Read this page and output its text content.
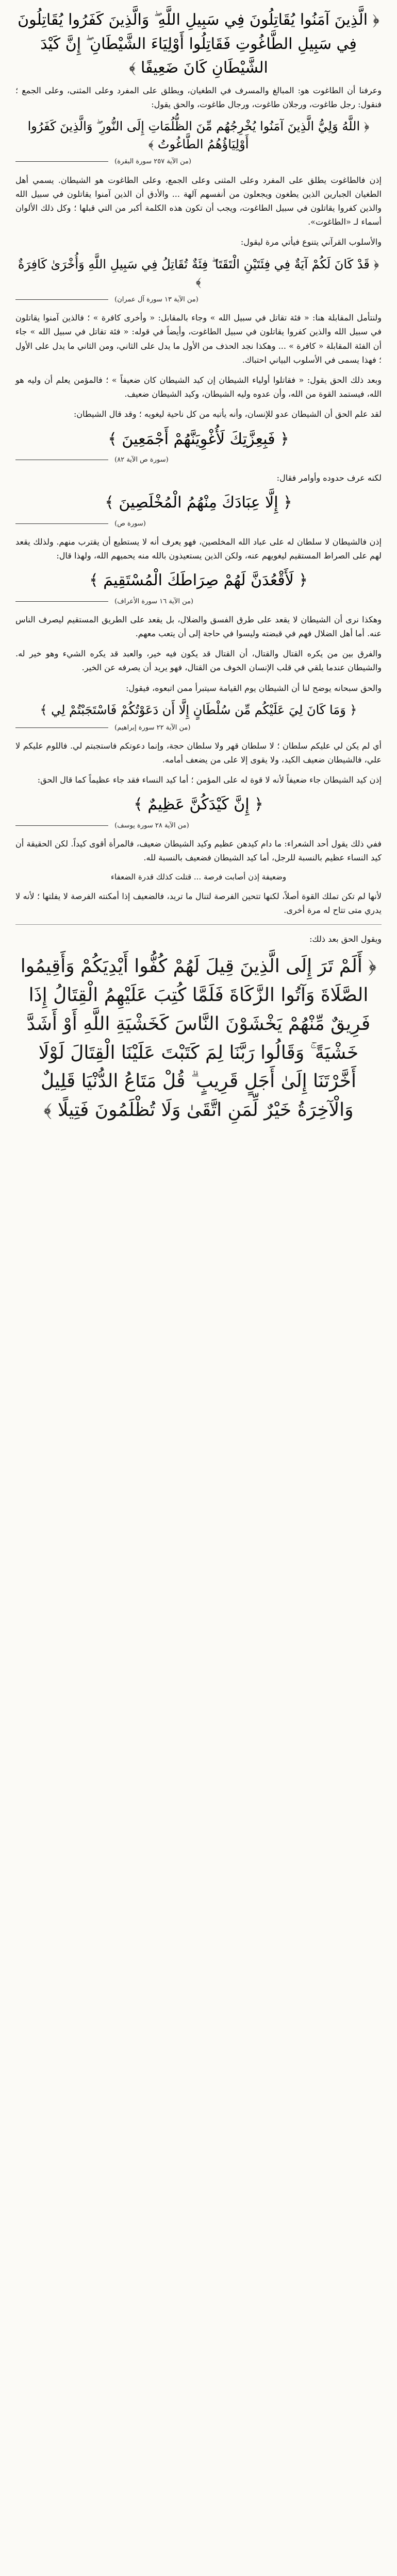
﴿ الَّذِينَ آمَنُوا يُقَاتِلُونَ فِي سَبِيلِ اللَّهِ ۖ وَالَّذِينَ كَفَرُوا يُقَاتِلُونَ فِي سَبِيلِ الطَّاغُوتِ فَقَاتِلُوا أَوْلِيَاءَ الشَّيْطَانِ ۖ إِنَّ كَيْدَ الشَّيْطَانِ كَانَ ضَعِيفًا ﴾

وعرفنا أن الطاغوت هو: المبالغ والمسرف في الطغيان، ويطلق على المفرد وعلى المثنى، وعلى الجمع ؛ فنقول: رجل طاغوت، ورجلان طاغوت، ورجال طاغوت، والحق يقول:

﴿ اللَّهُ وَلِيُّ الَّذِينَ آمَنُوا يُخْرِجُهُم مِّنَ الظُّلُمَاتِ إِلَى النُّورِ ۖ وَالَّذِينَ كَفَرُوا أَوْلِيَاؤُهُمُ الطَّاغُوتُ ﴾
(من الآية ٢٥٧ سورة البقرة)

إذن فالطاغوت يطلق على المفرد وعلى المثنى وعلى الجمع، وعلى الطاغوت هو الشيطان. يسمي أهل الطغيان الجبارين الذين يطغون ويجعلون من أنفسهم آلهة ... والأدق أن الذين آمنوا يقاتلون في سبيل الله والذين كفروا يقاتلون في سبيل الطاغوت، ويجب أن تكون هذه الكلمة أكبر من التي قبلها ؛ وكل ذلك الألوان أسماء لـ «الطاغوت».

والأسلوب القرآني يتنوع فيأتي مرة ليقول:

﴿ قَدْ كَانَ لَكُمْ آيَةٌ فِي فِئَتَيْنِ الْتَقَتَا ۖ فِئَةٌ تُقَاتِلُ فِي سَبِيلِ اللَّهِ وَأُخْرَىٰ كَافِرَةٌ ﴾
(من الآية ١٣ سورة آل عمران)

ولنتأمل المقابلة هنا: « فئة تقاتل في سبيل الله » وجاء بالمقابل: « وأخرى كافرة » ؛ فالذين آمنوا يقاتلون في سبيل الله والذين كفروا يقاتلون في سبيل الطاغوت، وأيضاً في قوله: « فئة تقاتل في سبيل الله » جاء أن الفئة المقابلة « كافرة » ... وهكذا نجد الحذف من الأول ما يدل على الثاني، ومن الثاني ما يدل على الأول ؛ فهذا يسمى في الأسلوب البياني احتباك.

وبعد ذلك الحق يقول: « فقاتلوا أولياء الشيطان إن كيد الشيطان كان ضعيفاً » ؛ فالمؤمن يعلم أن وليه هو الله، فيستمد القوة من الله، وأن عدوه وليه الشيطان، وكيد الشيطان ضعيف.

لقد علم الحق أن الشيطان عدو للإنسان، وأنه يأتيه من كل ناحية ليغويه ؛ وقد قال الشيطان:

﴿ فَبِعِزَّتِكَ لَأُغْوِيَنَّهُمْ أَجْمَعِينَ ﴾
(سورة ص الآية ٨٢)

لكنه عرف حدوده وأوامر فقال:

﴿ إِلَّا عِبَادَكَ مِنْهُمُ الْمُخْلَصِينَ ﴾
(سورة ص)

إذن فالشيطان لا سلطان له على عباد الله المخلصين، فهو يعرف أنه لا يستطيع أن يقترب منهم. ولذلك يقعد لهم على الصراط المستقيم ليغويهم عنه، ولكن الذين يستعيذون بالله منه يحميهم الله، ولهذا قال:

﴿ لَأَقْعُدَنَّ لَهُمْ صِرَاطَكَ الْمُسْتَقِيمَ ﴾
(من الآية ١٦ سورة الأعراف)

وهكذا نرى أن الشيطان لا يقعد على طرق الفسق والضلال، بل يقعد على الطريق المستقيم ليصرف الناس عنه. أما أهل الضلال فهم في قبضته وليسوا في حاجة إلى أن يتعب معهم.

والفرق بين من يكره القتال والقتال، أن القتال قد يكون فيه خير، والعبد قد يكره الشيء وهو خير له. والشيطان عندما يلقي في قلب الإنسان الخوف من القتال، فهو يريد أن يصرفه عن الخير.

والحق سبحانه يوضح لنا أن الشيطان يوم القيامة سيتبرأ ممن اتبعوه، فيقول:

﴿ وَمَا كَانَ لِيَ عَلَيْكُم مِّن سُلْطَانٍ إِلَّا أَن دَعَوْتُكُمْ فَاسْتَجَبْتُمْ لِي ﴾
(من الآية ٢٢ سورة إبراهيم)

أي لم يكن لي عليكم سلطان ؛ لا سلطان قهر ولا سلطان حجة، وإنما دعوتكم فاستجبتم لي. فاللوم عليكم لا علي، فالشيطان ضعيف الكيد، ولا يقوى إلا على من يضعف أمامه.

إذن كيد الشيطان جاء ضعيفاً لأنه لا قوة له على المؤمن ؛ أما كيد النساء فقد جاء عظيماً كما قال الحق:

﴿ إِنَّ كَيْدَكُنَّ عَظِيمٌ ﴾
(من الآية ٢٨ سورة يوسف)

ففي ذلك يقول أحد الشعراء: ما دام كيدهن عظيم وكيد الشيطان ضعيف، فالمرأة أقوى كيداً. لكن الحقيقة أن كيد النساء عظيم بالنسبة للرجل، أما كيد الشيطان فضعيف بالنسبة لله.

وضعيفة إذن أصابت فرصة ... قتلت كذلك قدرة الضعفاء

لأنها لم تكن تملك القوة أصلاً، لكنها تتحين الفرصة لتنال ما تريد، فالضعيف إذا أمكنته الفرصة لا يفلتها ؛ لأنه لا يدري متى تتاح له مرة أخرى.

ويقول الحق بعد ذلك:

﴿ أَلَمْ تَرَ إِلَى الَّذِينَ قِيلَ لَهُمْ كُفُّوا أَيْدِيَكُمْ وَأَقِيمُوا الصَّلَاةَ وَآتُوا الزَّكَاةَ فَلَمَّا كُتِبَ عَلَيْهِمُ الْقِتَالُ إِذَا فَرِيقٌ مِّنْهُمْ يَخْشَوْنَ النَّاسَ كَخَشْيَةِ اللَّهِ أَوْ أَشَدَّ خَشْيَةً ۚ وَقَالُوا رَبَّنَا لِمَ كَتَبْتَ عَلَيْنَا الْقِتَالَ لَوْلَا أَخَّرْتَنَا إِلَىٰ أَجَلٍ قَرِيبٍ ۗ قُلْ مَتَاعُ الدُّنْيَا قَلِيلٌ وَالْآخِرَةُ خَيْرٌ لِّمَنِ اتَّقَىٰ وَلَا تُظْلَمُونَ فَتِيلًا ﴾
